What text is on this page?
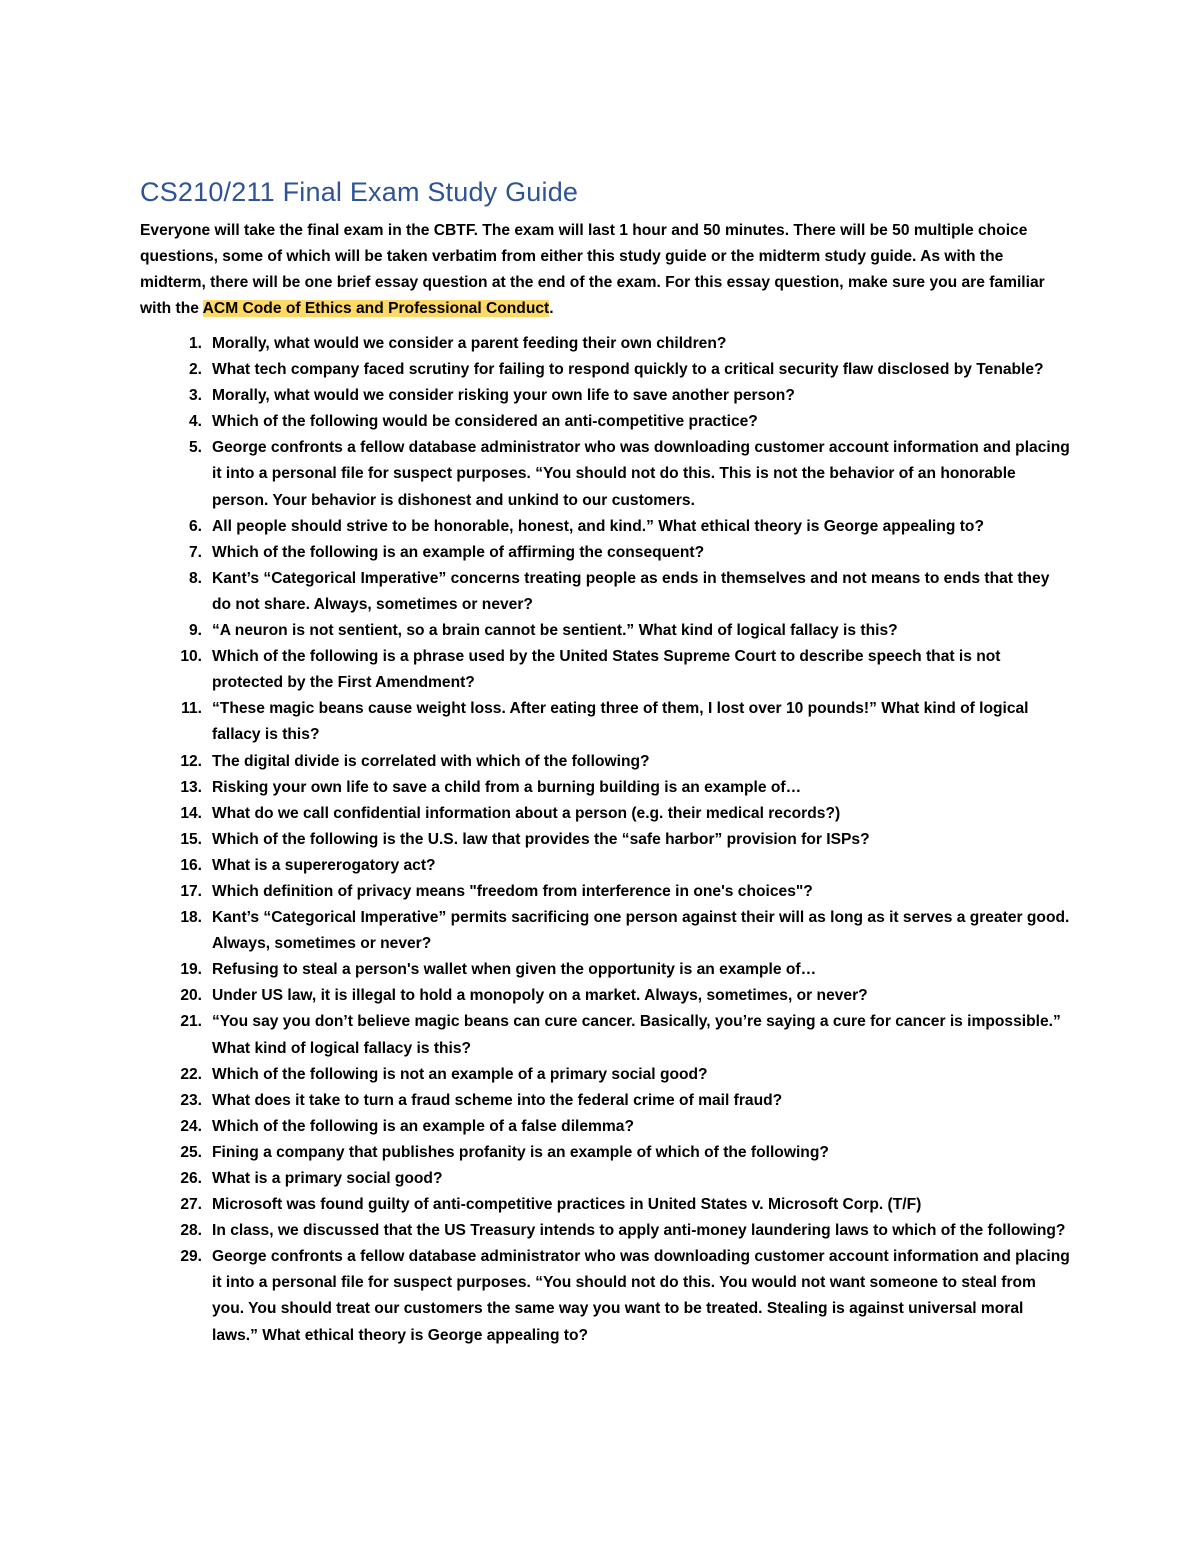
CS210/211 Final Exam Study Guide

Everyone will take the final exam in the CBTF. The exam will last 1 hour and 50 minutes. There will be 50 multiple choice questions, some of which will be taken verbatim from either this study guide or the midterm study guide. As with the midterm, there will be one brief essay question at the end of the exam. For this essay question, make sure you are familiar with the ACM Code of Ethics and Professional Conduct.

1. Morally, what would we consider a parent feeding their own children?
2. What tech company faced scrutiny for failing to respond quickly to a critical security flaw disclosed by Tenable?
3. Morally, what would we consider risking your own life to save another person?
4. Which of the following would be considered an anti-competitive practice?
5. George confronts a fellow database administrator who was downloading customer account information and placing it into a personal file for suspect purposes. “You should not do this. This is not the behavior of an honorable person. Your behavior is dishonest and unkind to our customers.
6. All people should strive to be honorable, honest, and kind.” What ethical theory is George appealing to?
7. Which of the following is an example of affirming the consequent?
8. Kant’s “Categorical Imperative” concerns treating people as ends in themselves and not means to ends that they do not share. Always, sometimes or never?
9. “A neuron is not sentient, so a brain cannot be sentient.” What kind of logical fallacy is this?
10. Which of the following is a phrase used by the United States Supreme Court to describe speech that is not protected by the First Amendment?
11. “These magic beans cause weight loss. After eating three of them, I lost over 10 pounds!” What kind of logical fallacy is this?
12. The digital divide is correlated with which of the following?
13. Risking your own life to save a child from a burning building is an example of…
14. What do we call confidential information about a person (e.g. their medical records?)
15. Which of the following is the U.S. law that provides the “safe harbor” provision for ISPs?
16. What is a supererogatory act?
17. Which definition of privacy means "freedom from interference in one's choices"?
18. Kant’s “Categorical Imperative” permits sacrificing one person against their will as long as it serves a greater good. Always, sometimes or never?
19. Refusing to steal a person's wallet when given the opportunity is an example of…
20. Under US law, it is illegal to hold a monopoly on a market. Always, sometimes, or never?
21. “You say you don’t believe magic beans can cure cancer. Basically, you’re saying a cure for cancer is impossible.” What kind of logical fallacy is this?
22. Which of the following is not an example of a primary social good?
23. What does it take to turn a fraud scheme into the federal crime of mail fraud?
24. Which of the following is an example of a false dilemma?
25. Fining a company that publishes profanity is an example of which of the following?
26. What is a primary social good?
27. Microsoft was found guilty of anti-competitive practices in United States v. Microsoft Corp. (T/F)
28. In class, we discussed that the US Treasury intends to apply anti-money laundering laws to which of the following?
29. George confronts a fellow database administrator who was downloading customer account information and placing it into a personal file for suspect purposes. “You should not do this. You would not want someone to steal from you. You should treat our customers the same way you want to be treated. Stealing is against universal moral laws.” What ethical theory is George appealing to?
